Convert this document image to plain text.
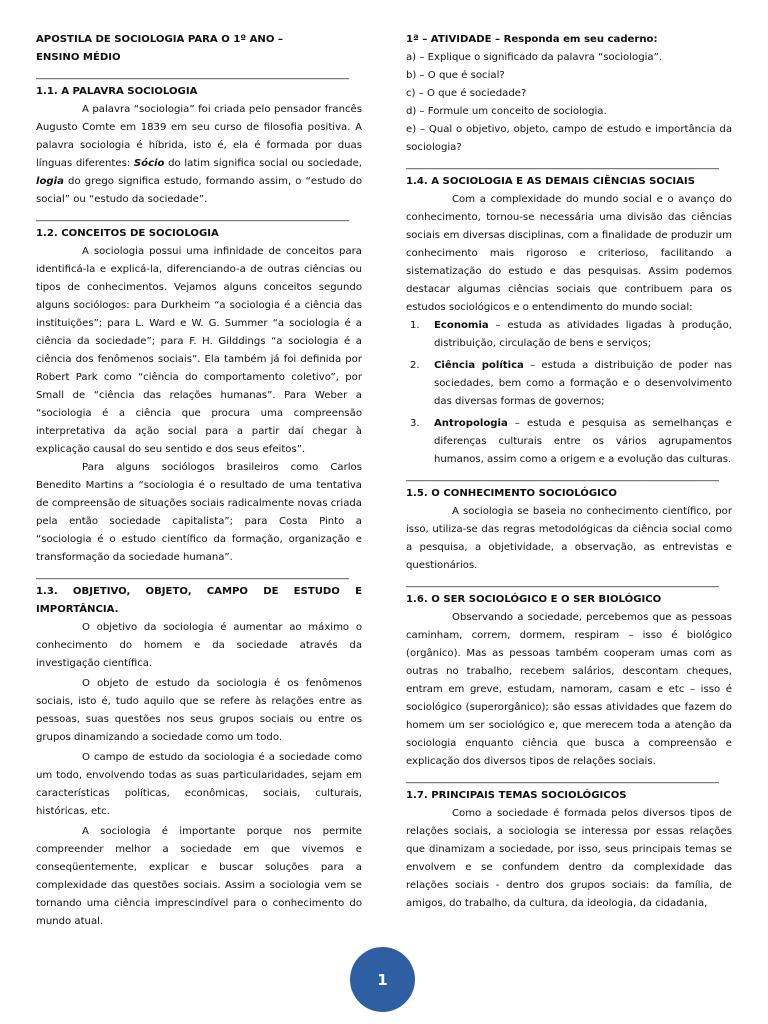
APOSTILA DE SOCIOLOGIA PARA O 1º ANO –
ENSINO MÉDIO
______________________________________________________________
1.1. A PALAVRA SOCIOLOGIA

A palavra “sociologia” foi criada pelo pensador francês Augusto Comte em 1839 em seu curso de filosofia positiva. A palavra sociologia é híbrida, isto é, ela é formada por duas línguas diferentes: Sócio do latim significa social ou sociedade, logia do grego significa estudo, formando assim, o “estudo do social” ou “estudo da sociedade”.

______________________________________________________________
1.2. CONCEITOS DE SOCIOLOGIA

A sociologia possui uma infinidade de conceitos para identificá-la e explicá-la, diferenciando-a de outras ciências ou tipos de conhecimentos. Vejamos alguns conceitos segundo alguns sociólogos: para Durkheim “a sociologia é a ciência das instituições”; para L. Ward e W. G. Summer “a sociologia é a ciência da sociedade”; para F. H. Gilddings “a sociologia é a ciência dos fenômenos sociais”. Ela também já foi definida por Robert Park como “ciência do comportamento coletivo”, por Small de “ciência das relações humanas”. Para Weber a “sociologia é a ciência que procura uma compreensão interpretativa da ação social para a partir daí chegar à explicação causal do seu sentido e dos seus efeitos”.

Para alguns sociólogos brasileiros como Carlos Benedito Martins a “sociologia é o resultado de uma tentativa de compreensão de situações sociais radicalmente novas criada pela então sociedade capitalista”; para Costa Pinto a “sociologia é o estudo científico da formação, organização e transformação da sociedade humana”.

______________________________________________________________
1.3. OBJETIVO, OBJETO, CAMPO DE ESTUDO E
IMPORTÂNCIA.

O objetivo da sociologia é aumentar ao máximo o conhecimento do homem e da sociedade através da investigação científica.

O objeto de estudo da sociologia é os fenômenos sociais, isto é, tudo aquilo que se refere às relações entre as pessoas, suas questões nos seus grupos sociais ou entre os grupos dinamizando a sociedade como um todo.

O campo de estudo da sociologia é a sociedade como um todo, envolvendo todas as suas particularidades, sejam em características políticas, econômicas, sociais, culturais, históricas, etc.

A sociologia é importante porque nos permite compreender melhor a sociedade em que vivemos e conseqüentemente, explicar e buscar soluções para a complexidade das questões sociais. Assim a sociologia vem se tornando uma ciência imprescindível para o conhecimento do mundo atual.

1ª – ATIVIDADE – Responda em seu caderno:
a) – Explique o significado da palavra “sociologia”.
b) – O que é social?
c) – O que é sociedade?
d) – Formule um conceito de sociologia.

e) – Qual o objetivo, objeto, campo de estudo e importância da sociologia?

______________________________________________________________
1.4. A SOCIOLOGIA E AS DEMAIS CIÊNCIAS SOCIAIS

Com a complexidade do mundo social e o avanço do conhecimento, tornou-se necessária uma divisão das ciências sociais em diversas disciplinas, com a finalidade de produzir um conhecimento mais rigoroso e criterioso, facilitando a sistematização do estudo e das pesquisas. Assim podemos destacar algumas ciências sociais que contribuem para os estudos sociológicos e o entendimento do mundo social:

1. Economia – estuda as atividades ligadas à produção, distribuição, circulação de bens e serviços;
2. Ciência política – estuda a distribuição de poder nas sociedades, bem como a formação e o desenvolvimento das diversas formas de governos;
3. Antropologia – estuda e pesquisa as semelhanças e diferenças culturais entre os vários agrupamentos humanos, assim como a origem e a evolução das culturas.
______________________________________________________________
1.5. O CONHECIMENTO SOCIOLÓGICO

A sociologia se baseia no conhecimento científico, por isso, utiliza-se das regras metodológicas da ciência social como a pesquisa, a objetividade, a observação, as entrevistas e questionários.

______________________________________________________________
1.6. O SER SOCIOLÓGICO E O SER BIOLÓGICO

Observando a sociedade, percebemos que as pessoas caminham, correm, dormem, respiram – isso é biológico (orgânico). Mas as pessoas também cooperam umas com as outras no trabalho, recebem salários, descontam cheques, entram em greve, estudam, namoram, casam e etc – isso é sociológico (superorgânico); são essas atividades que fazem do homem um ser sociológico e, que merecem toda a atenção da sociologia enquanto ciência que busca a compreensão e explicação dos diversos tipos de relações sociais.

______________________________________________________________
1.7. PRINCIPAIS TEMAS SOCIOLÓGICOS

Como a sociedade é formada pelos diversos tipos de relações sociais, a sociologia se interessa por essas relações que dinamizam a sociedade, por isso, seus principais temas se envolvem e se confundem dentro da complexidade das relações sociais - dentro dos grupos sociais: da família, de amigos, do trabalho, da cultura, da ideologia, da cidadania,

1
